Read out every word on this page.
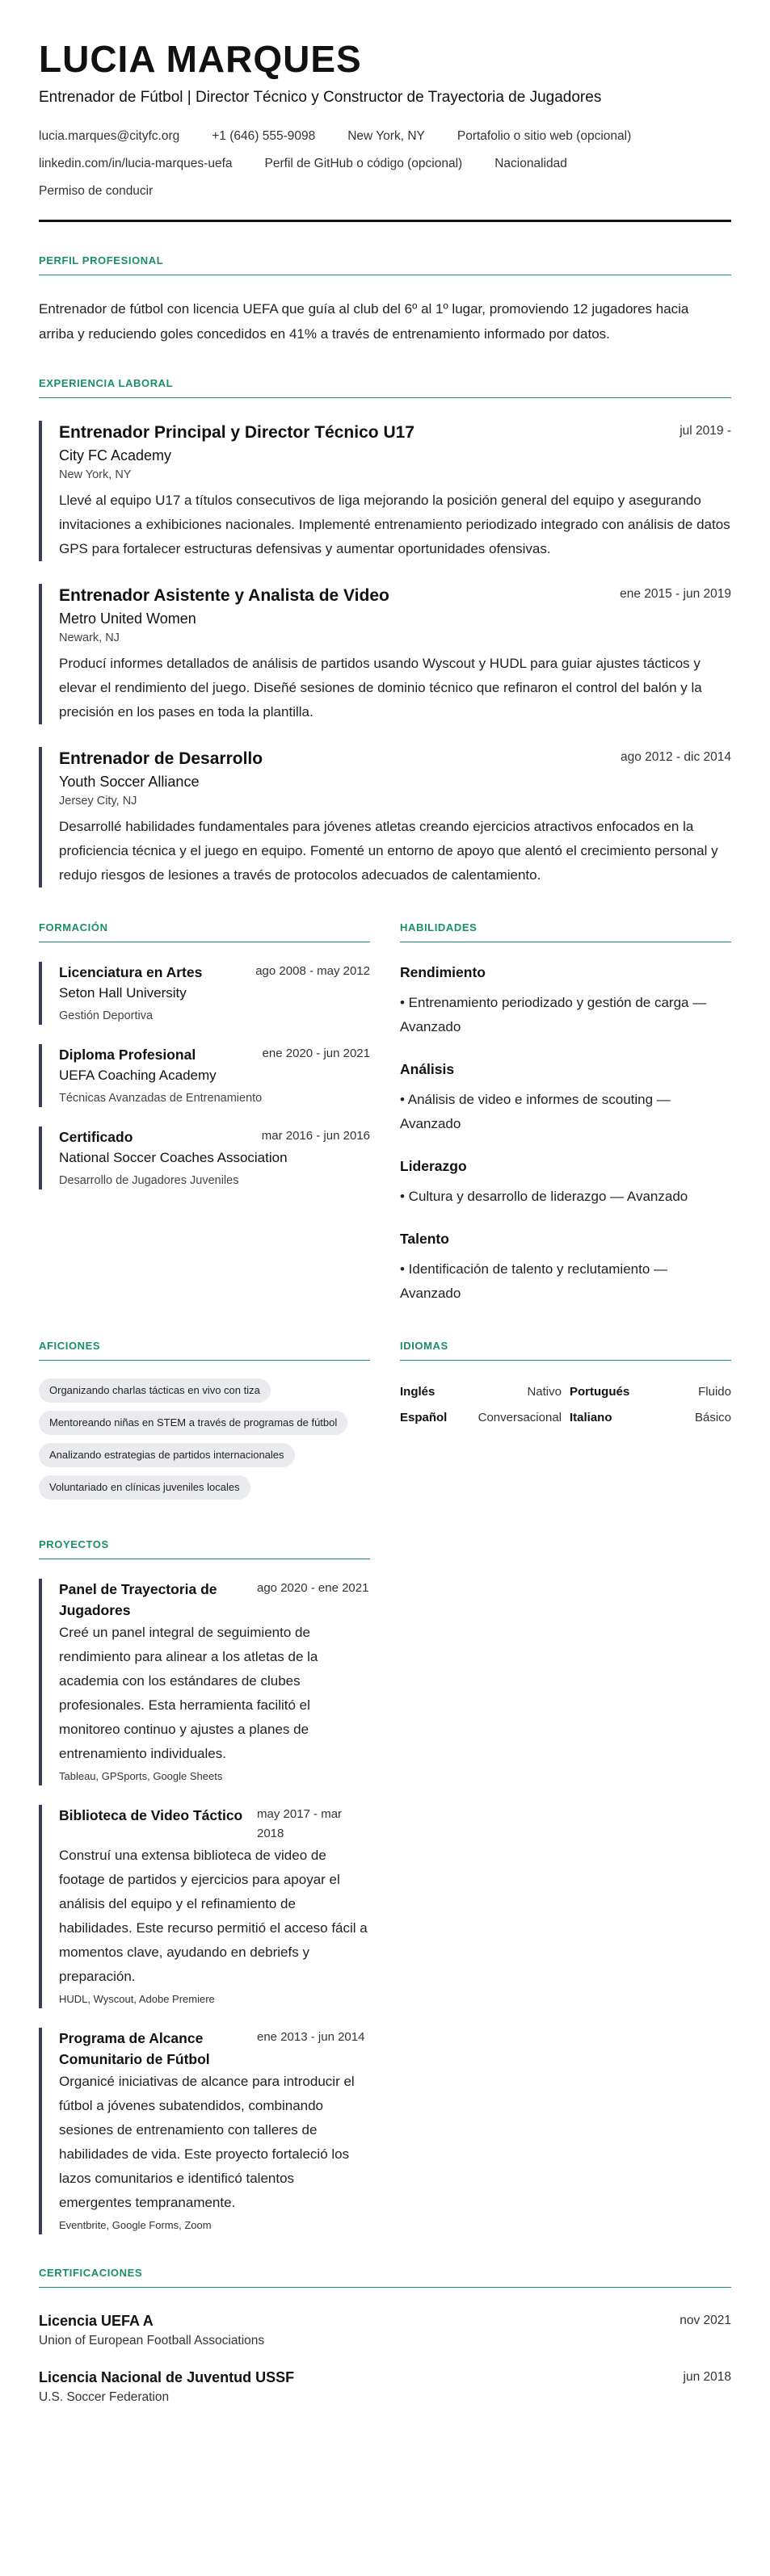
LUCIA MARQUES
Entrenador de Fútbol | Director Técnico y Constructor de Trayectoria de Jugadores
lucia.marques@cityfc.org	+1 (646) 555-9098	New York, NY	Portafolio o sitio web (opcional)
linkedin.com/in/lucia-marques-uefa	Perfil de GitHub o código (opcional)	Nacionalidad
Permiso de conducir
PERFIL PROFESIONAL

Entrenador de fútbol con licencia UEFA que guía al club del 6º al 1º lugar, promoviendo 12 jugadores hacia arriba y reduciendo goles concedidos en 41% a través de entrenamiento informado por datos.

EXPERIENCIA LABORAL
Entrenador Principal y Director Técnico U17	jul 2019 -
City FC Academy
New York, NY

Llevé al equipo U17 a títulos consecutivos de liga mejorando la posición general del equipo y asegurando invitaciones a exhibiciones nacionales. Implementé entrenamiento periodizado integrado con análisis de datos GPS para fortalecer estructuras defensivas y aumentar oportunidades ofensivas.

Entrenador Asistente y Analista de Video	ene 2015 - jun 2019
Metro United Women
Newark, NJ

Producí informes detallados de análisis de partidos usando Wyscout y HUDL para guiar ajustes tácticos y elevar el rendimiento del juego. Diseñé sesiones de dominio técnico que refinaron el control del balón y la precisión en los pases en toda la plantilla.

Entrenador de Desarrollo	ago 2012 - dic 2014
Youth Soccer Alliance
Jersey City, NJ

Desarrollé habilidades fundamentales para jóvenes atletas creando ejercicios atractivos enfocados en la proficiencia técnica y el juego en equipo. Fomenté un entorno de apoyo que alentó el crecimiento personal y redujo riesgos de lesiones a través de protocolos adecuados de calentamiento.

FORMACIÓN
Licenciatura en Artes	ago 2008 - may 2012
Seton Hall University
Gestión Deportiva
Diploma Profesional	ene 2020 - jun 2021
UEFA Coaching Academy
Técnicas Avanzadas de Entrenamiento
Certificado	mar 2016 - jun 2016
National Soccer Coaches Association
Desarrollo de Jugadores Juveniles
HABILIDADES
Rendimiento
• Entrenamiento periodizado y gestión de carga — Avanzado
Análisis
• Análisis de video e informes de scouting — Avanzado
Liderazgo
• Cultura y desarrollo de liderazgo — Avanzado
Talento
• Identificación de talento y reclutamiento — Avanzado
AFICIONES
Organizando charlas tácticas en vivo con tiza
Mentoreando niñas en STEM a través de programas de fútbol
Analizando estrategias de partidos internacionales
Voluntariado en clínicas juveniles locales
IDIOMAS
Inglés	Nativo Portugués	Fluido
Español	Conversacional Italiano	Básico
PROYECTOS
Panel de Trayectoria de Jugadores
ago 2020 - ene 2021

Creé un panel integral de seguimiento de rendimiento para alinear a los atletas de la academia con los estándares de clubes profesionales. Esta herramienta facilitó el monitoreo continuo y ajustes a planes de entrenamiento individuales.

Tableau, GPSports, Google Sheets
Biblioteca de Video Táctico may 2017 - mar 2018

Construí una extensa biblioteca de video de footage de partidos y ejercicios para apoyar el análisis del equipo y el refinamiento de habilidades. Este recurso permitió el acceso fácil a momentos clave, ayudando en debriefs y preparación.

HUDL, Wyscout, Adobe Premiere
Programa de Alcance Comunitario de Fútbol
ene 2013 - jun 2014

Organicé iniciativas de alcance para introducir el fútbol a jóvenes subatendidos, combinando sesiones de entrenamiento con talleres de habilidades de vida. Este proyecto fortaleció los lazos comunitarios e identificó talentos emergentes tempranamente.

Eventbrite, Google Forms, Zoom
CERTIFICACIONES
Licencia UEFA A	nov 2021
Union of European Football Associations
Licencia Nacional de Juventud USSF	jun 2018
U.S. Soccer Federation
